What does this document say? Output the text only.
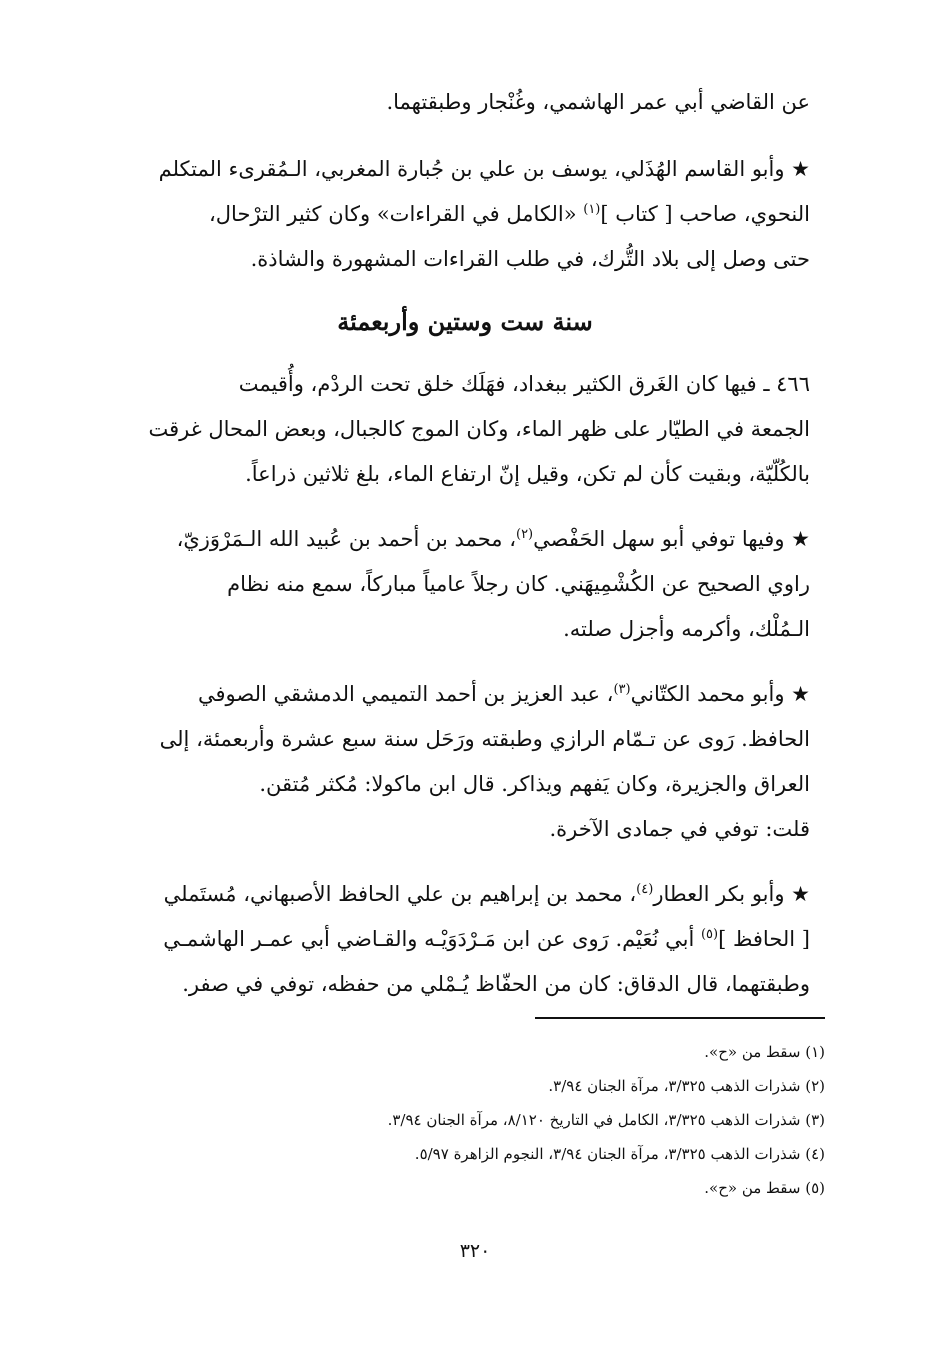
عن القاضي أبي عمر الهاشمي، وغُنْجار وطبقتهما.

★ وأبو القاسم الهُذَلي، يوسف بن علي بن جُبارة المغربي، الـمُقرىء المتكلم
النحوي، صاحب [ كتاب ]$^{(١)}$ «الكامل في القراءات» وكان كثير الترْحال،
حتى وصل إلى بلاد التُّرك، في طلب القراءات المشهورة والشاذة.

سنة ست وستين وأربعمئة

٤٦٦ ـ فيها كان الغَرق الكثير ببغداد، فهَلَك خلق تحت الردْم، وأُقيمت
الجمعة في الطيّار على ظهر الماء، وكان الموج كالجبال، وبعض المحال غرقت
بالكُلّيّة، وبقيت كأن لم تكن، وقيل إنّ ارتفاع الماء، بلغ ثلاثين ذراعاً.

★ وفيها توفي أبو سهل الحَفْصي$^{(٢)}$، محمد بن أحمد بن عُبيد الله الـمَرْوَزيّ،
راوي الصحيح عن الكُشْمِيهَني. كان رجلاً عامياً مباركاً، سمع منه نظام
الـمُلْك، وأكرمه وأجزل صلته.

★ وأبو محمد الكتّاني$^{(٣)}$، عبد العزيز بن أحمد التميمي الدمشقي الصوفي
الحافظ. رَوى عن تـمّام الرازي وطبقته ورَحَل سنة سبع عشرة وأربعمئة، إلى
العراق والجزيرة، وكان يَفهم ويذاكر. قال ابن ماكولا: مُكثر مُتقن.
قلت: توفي في جمادى الآخرة.

★ وأبو بكر العطار$^{(٤)}$، محمد بن إبراهيم بن علي الحافظ الأصبهاني، مُستَملي
[ الحافظ ]$^{(٥)}$ أبي نُعَيْم. رَوى عن ابن مَـرْدَوَيْـه والقـاضي أبي عمـر الهاشمـي
وطبقتهما، قال الدقاق: كان من الحفّاظ يُـمْلي من حفظه، توفي في صفر.

(١) سقط من «ح».
(٢) شذرات الذهب ٣/٣٢٥، مرآة الجنان ٣/٩٤.
(٣) شذرات الذهب ٣/٣٢٥، الكامل في التاريخ ٨/١٢٠، مرآة الجنان ٣/٩٤.
(٤) شذرات الذهب ٣/٣٢٥، مرآة الجنان ٣/٩٤، النجوم الزاهرة ٥/٩٧.
(٥) سقط من «ح».
٣٢٠
